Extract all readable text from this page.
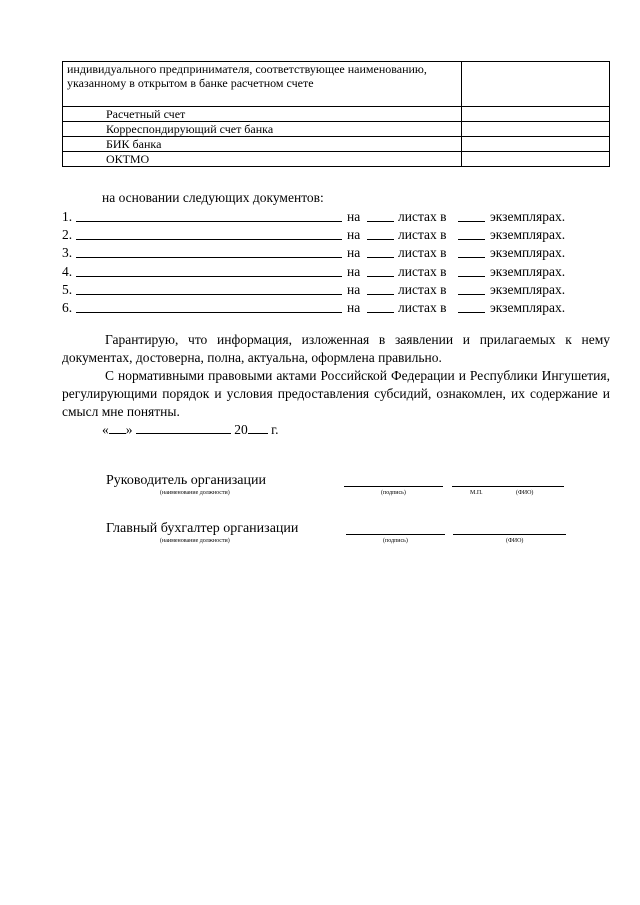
индивидуального предпринимателя, соответствующее наименованию, указанному в открытом в банке расчетном счете	
Расчетный счет	
Корреспондирующий счет банка	
БИК банка	
ОКТМО	
на основании следующих документов:
1.	на	листах в	экземплярах.
2.	на	листах в	экземплярах.
3.	на	листах в	экземплярах.
4.	на	листах в	экземплярах.
5.	на	листах в	экземплярах.
6.	на	листах в	экземплярах.
Гарантирую, что информация, изложенная в заявлении и прилагаемых к нему документах, достоверна, полна, актуальна, оформлена правильно.
С нормативными правовыми актами Российской Федерации и Республики Ингушетия, регулирующими порядок и условия предоставления субсидий, ознакомлен, их содержание и смысл мне понятны.
« »	20 г.
Руководитель организации
(наименование должности)	(подпись)	М.П.	(ФИО)
Главный бухгалтер организации
(наименование должности)	(подпись)	(ФИО)
